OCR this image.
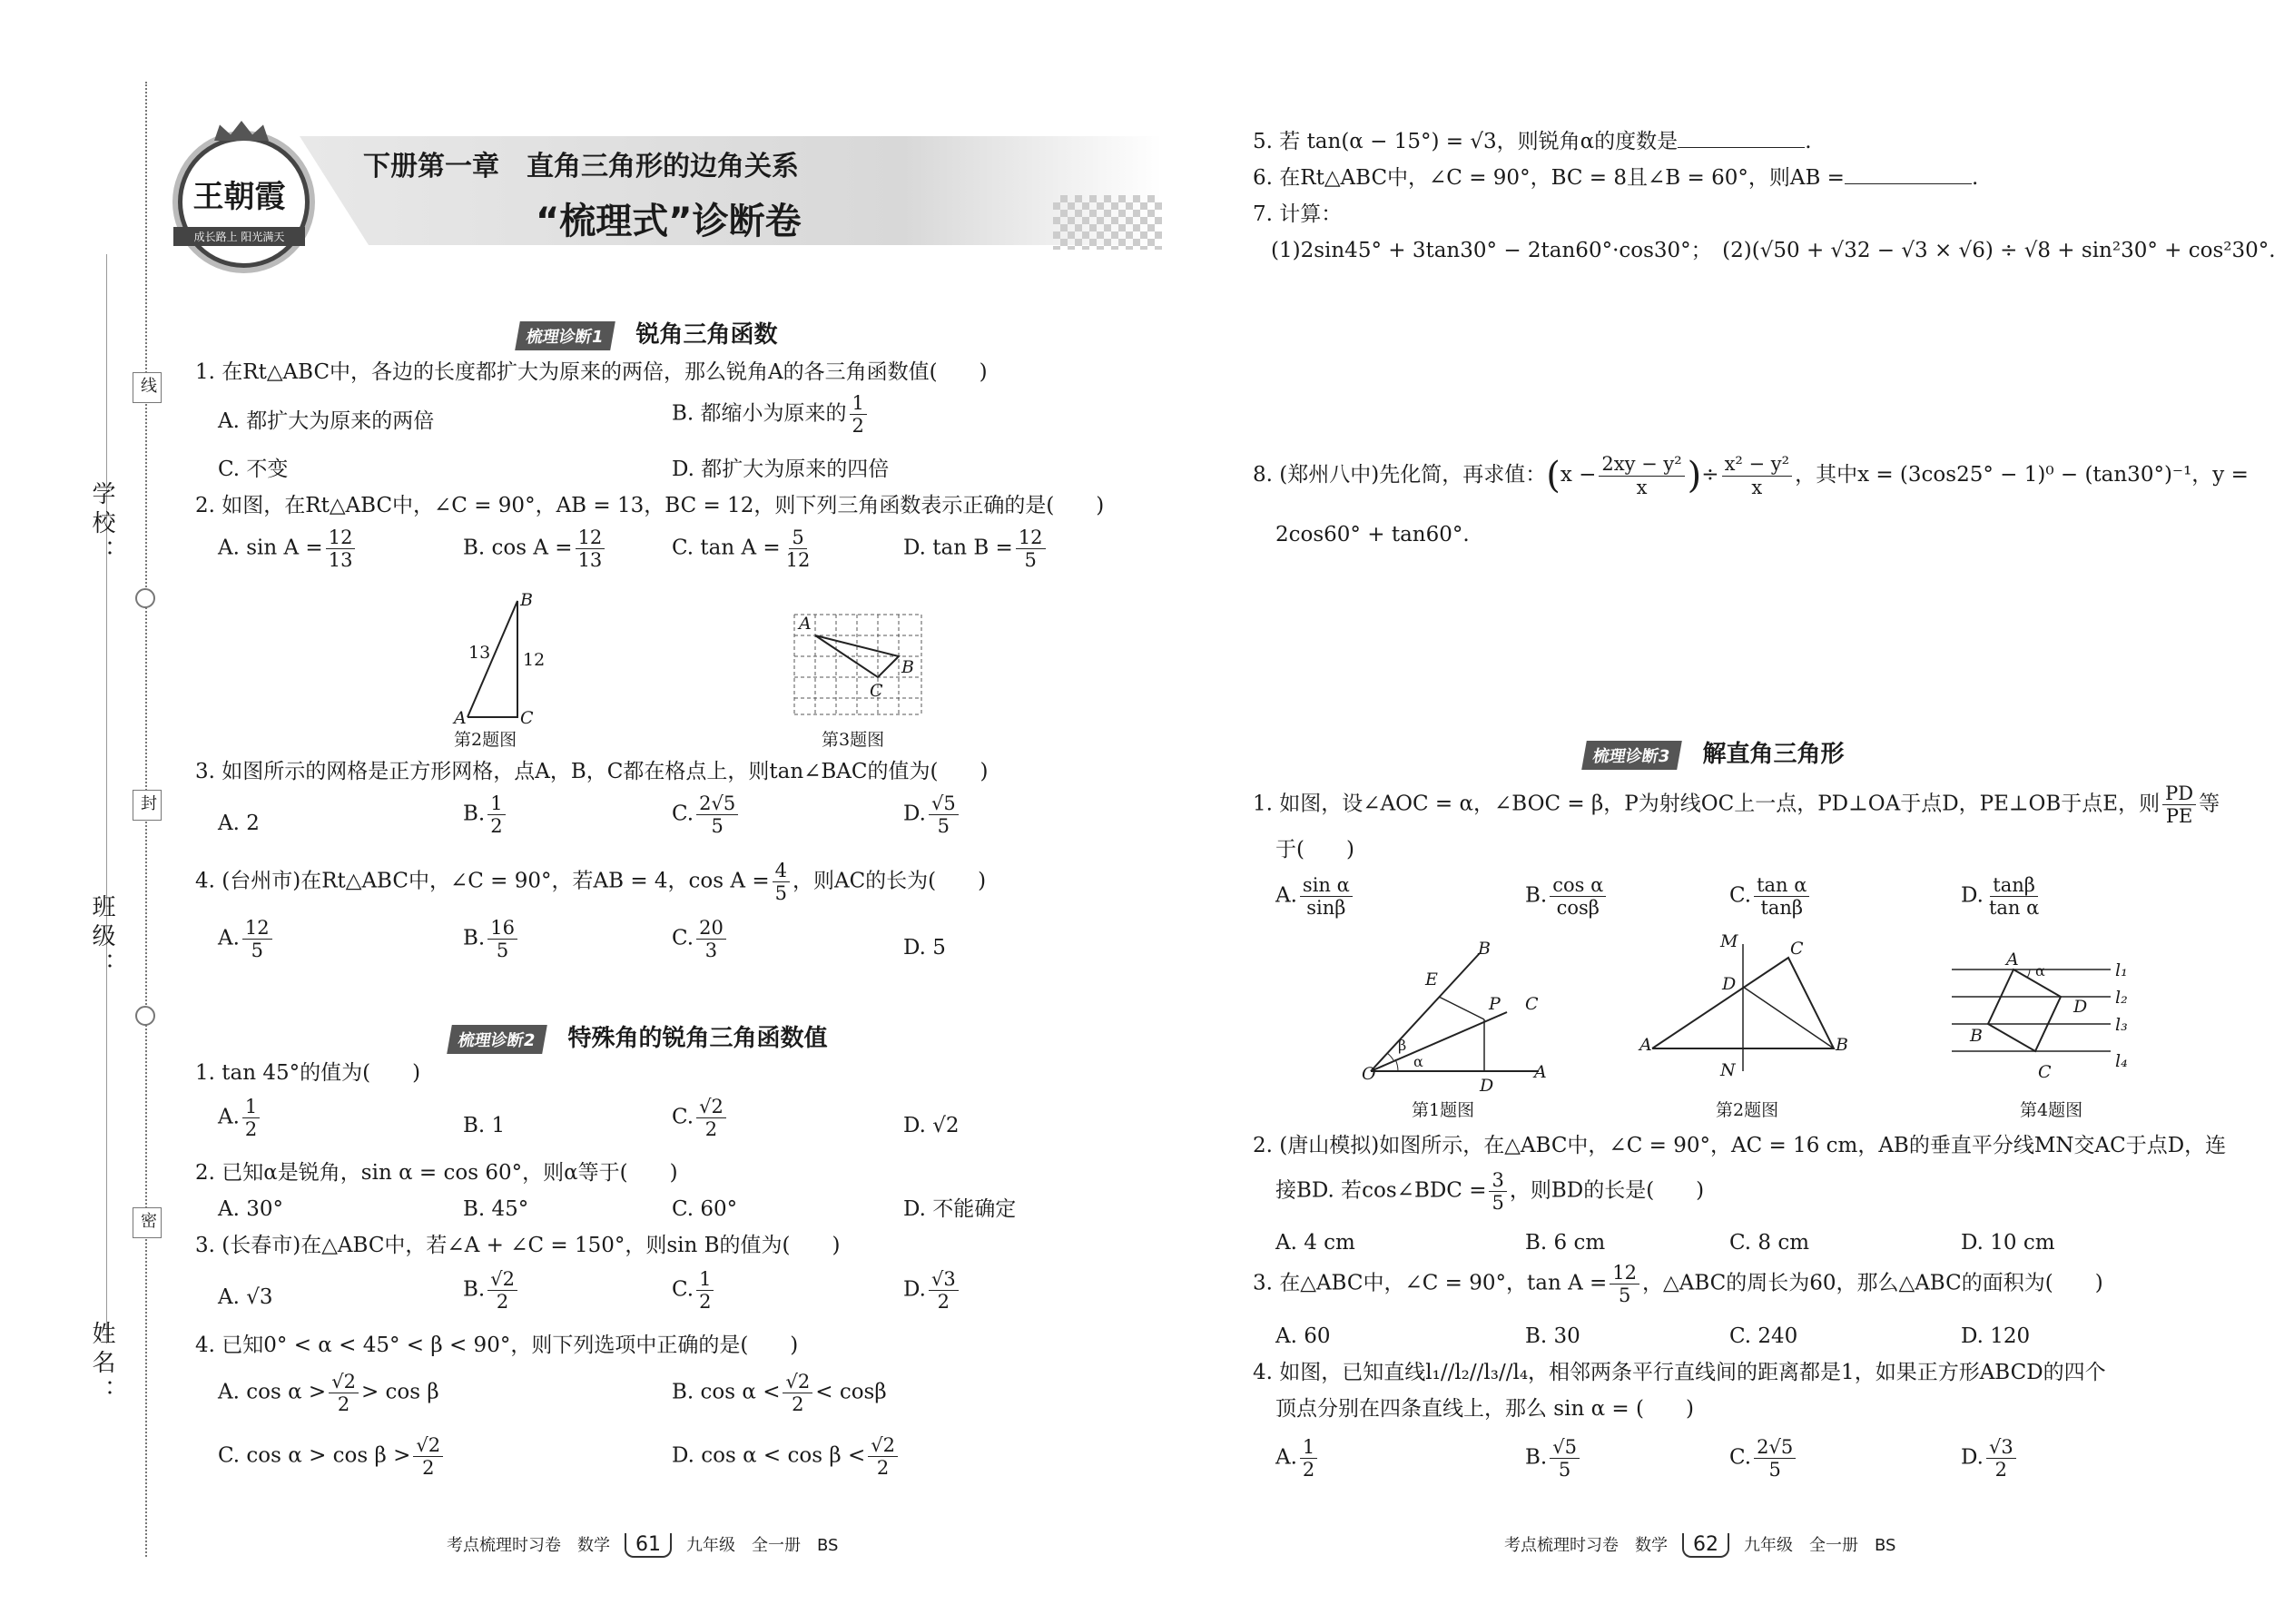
线
封
密
学校：
班级：
姓名：
王朝霞
成长路上 阳光满天
下册第一章　直角三角形的边角关系
“梳理式”诊断卷
梳理诊断1 锐角三角函数
1. 在Rt△ABC中，各边的长度都扩大为原来的两倍，那么锐角A的各三角函数值(　　)
A. 都扩大为原来的两倍	B. 都缩小为原来的 $\frac{1}{2}$
C. 不变	D. 都扩大为原来的四倍
2. 如图，在Rt△ABC中，∠C = 90°，AB = 13，BC = 12，则下列三角函数表示正确的是(　　)
A. $\sin A = \frac{12}{13}$	B. $\cos A = \frac{12}{13}$	C. $\tan A = \frac{5}{12}$	D. $\tan B = \frac{12}{5}$
B
A	C
13 12
第2题图
A
B
C
第3题图
3. 如图所示的网格是正方形网格，点A，B，C都在格点上，则tan∠BAC的值为(　　)
A. 2	B. $\frac{1}{2}$	C. $\frac{2√5}{5}$	D. $\frac{√5}{5}$
4. (台州市)在Rt△ABC中，∠C = 90°，若AB = 4，$\cos A = \frac{4}{5}$ ，则AC的长为(　　)
A. $\frac{12}{5}$	B. $\frac{16}{5}$	C. $\frac{20}{3}$	D. 5
梳理诊断2 特殊角的锐角三角函数值
1. tan 45°的值为(　　)
A. $\frac{1}{2}$	B. 1	C. $\frac{√2}{2}$	D. √2
2. 已知α是锐角，sin α = cos 60°，则α等于(　　)
A. 30°	B. 45°	C. 60°	D. 不能确定
3. (长春市)在△ABC中，若∠A + ∠C = 150°，则sin B的值为(　　)
A. √3	B. $\frac{√2}{2}$	C. $\frac{1}{2}$	D. $\frac{√3}{2}$
4. 已知0° < α < 45° < β < 90°，则下列选项中正确的是(　　)
A. $\cos \alpha > \frac{√2}{2} > \cos \beta$	B. $\cos \alpha < \frac{√2}{2} < \cos\beta$
C. $\cos \alpha > \cos \beta > \frac{√2}{2}$	D. $\cos \alpha < \cos \beta < \frac{√2}{2}$
考点梳理时习卷　数学 61 九年级　全一册　BS
5. 若 tan(α − 15°) = √3，则锐角α的度数是	.
6. 在Rt△ABC中，∠C = 90°，BC = 8且∠B = 60°，则AB =	.
7. 计算：
(1)2sin45° + 3tan30° − 2tan60°·cos30°；　(2)(√50 + √32 − √3 × √6) ÷ √8 + sin²30° + cos²30°.
8. (郑州八中)先化简，再求值：($x - \frac{\text{2xy − y²}}{x}$ )÷ $\frac{\text{x² − y²}}{x}$ ，其中x = (3cos25° − 1)⁰ − (tan30°)⁻¹，y =
2cos60° + tan60°.
梳理诊断3 解直角三角形
1. 如图，设∠AOC = α，∠BOC = β，P为射线OC上一点，PD⊥OA于点D，PE⊥OB于点E，则 $\frac{PD}{PE}$ 等
于(　　)
A. $\frac{\text{sin α}}{\sin\beta}$	B. $\frac{\text{cos α}}{\cos\beta}$	C. $\frac{\text{tan α}}{\tan\beta}$	D. $\frac{\tan\beta}{\text{tan α}}$
O	A
B
C
D
E
P
α
β
第1题图
M
N
A	B
C
D
第2题图
A
B
C
D
α	l₁
l₂
l₃
l₄
第4题图
2. (唐山模拟)如图所示，在△ABC中，∠C = 90°，AC = 16 cm，AB的垂直平分线MN交AC于点D，连
接BD. 若cos∠BDC = $\frac{3}{5}$ ，则BD的长是(　　)
A. 4 cm	B. 6 cm	C. 8 cm	D. 10 cm
3. 在△ABC中，∠C = 90°，$\tan A = \frac{12}{5}$ ，△ABC的周长为60，那么△ABC的面积为(　　)
A. 60	B. 30	C. 240	D. 120
4. 如图，已知直线l₁//l₂//l₃//l₄，相邻两条平行直线间的距离都是1，如果正方形ABCD的四个
顶点分别在四条直线上，那么 sin α = (　　)
A. $\frac{1}{2}$	B. $\frac{√5}{5}$	C. $\frac{2√5}{5}$	D. $\frac{√3}{2}$
考点梳理时习卷　数学 62 九年级　全一册　BS
